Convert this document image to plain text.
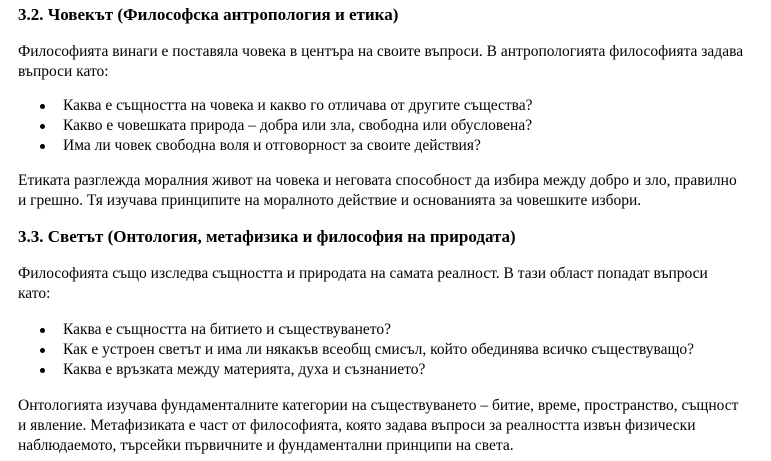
3.2. Човекът (Философска антропология и етика)

Философията винаги е поставяла човека в центъра на своите въпроси. В антропологията философията задава
въпроси като:

Каква е същността на човека и какво го отличава от другите същества?
Какво е човешката природа – добра или зла, свободна или обусловена?
Има ли човек свободна воля и отговорност за своите действия?

Етиката разглежда моралния живот на човека и неговата способност да избира между добро и зло, правилно
и грешно. Тя изучава принципите на моралното действие и основанията за човешките избори.

3.3. Светът (Онтология, метафизика и философия на природата)

Философията също изследва същността и природата на самата реалност. В тази област попадат въпроси
като:

Каква е същността на битието и съществуването?
Как е устроен светът и има ли някакъв всеобщ смисъл, който обединява всичко съществуващо?
Каква е връзката между материята, духа и съзнанието?

Онтологията изучава фундаменталните категории на съществуването – битие, време, пространство, същност
и явление. Метафизиката е част от философията, която задава въпроси за реалността извън физически
наблюдаемото, търсейки първичните и фундаментални принципи на света.
